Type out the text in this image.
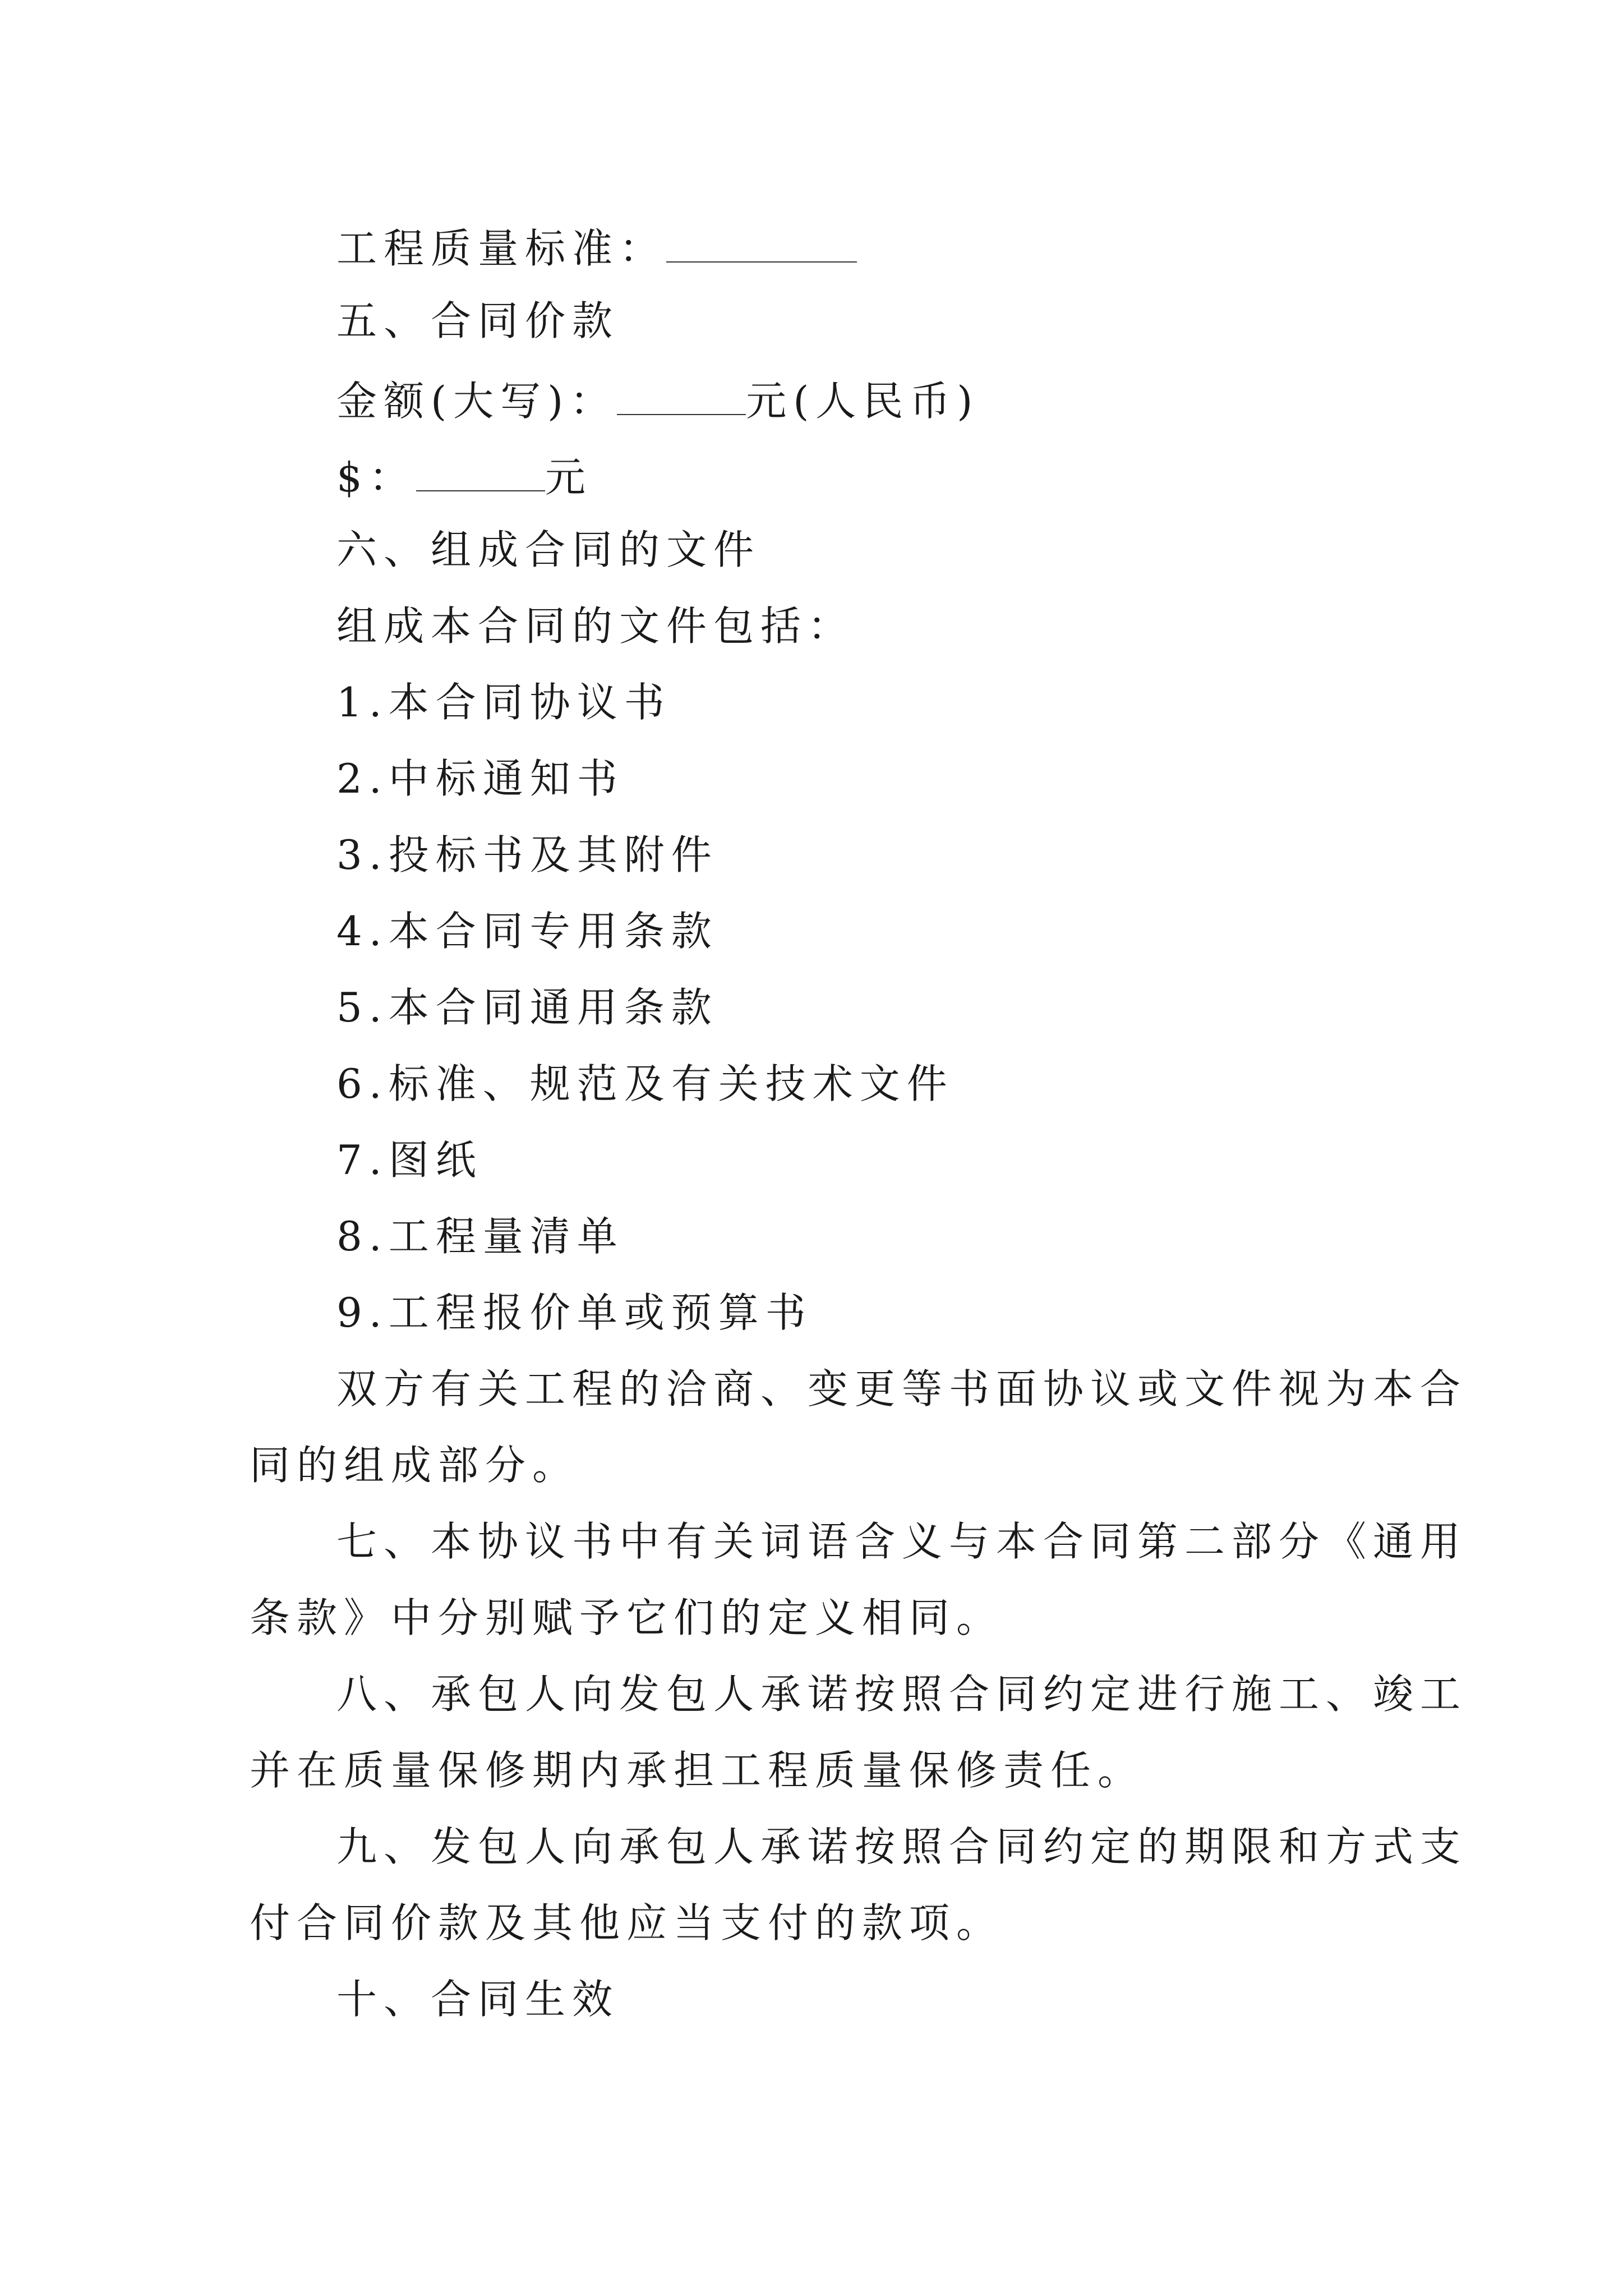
工程质量标准：
五、合同价款
金额(大写)：	元(人民币)
$：	元
六、组成合同的文件
组成本合同的文件包括：
1.本合同协议书
2.中标通知书
3.投标书及其附件
4.本合同专用条款
5.本合同通用条款
6.标准、规范及有关技术文件
7.图纸
8.工程量清单
9.工程报价单或预算书
双方有关工程的洽商、变更等书面协议或文件视为本合
同的组成部分。
七、本协议书中有关词语含义与本合同第二部分《通用
条款》中分别赋予它们的定义相同。
八、承包人向发包人承诺按照合同约定进行施工、竣工
并在质量保修期内承担工程质量保修责任。
九、发包人向承包人承诺按照合同约定的期限和方式支
付合同价款及其他应当支付的款项。
十、合同生效
